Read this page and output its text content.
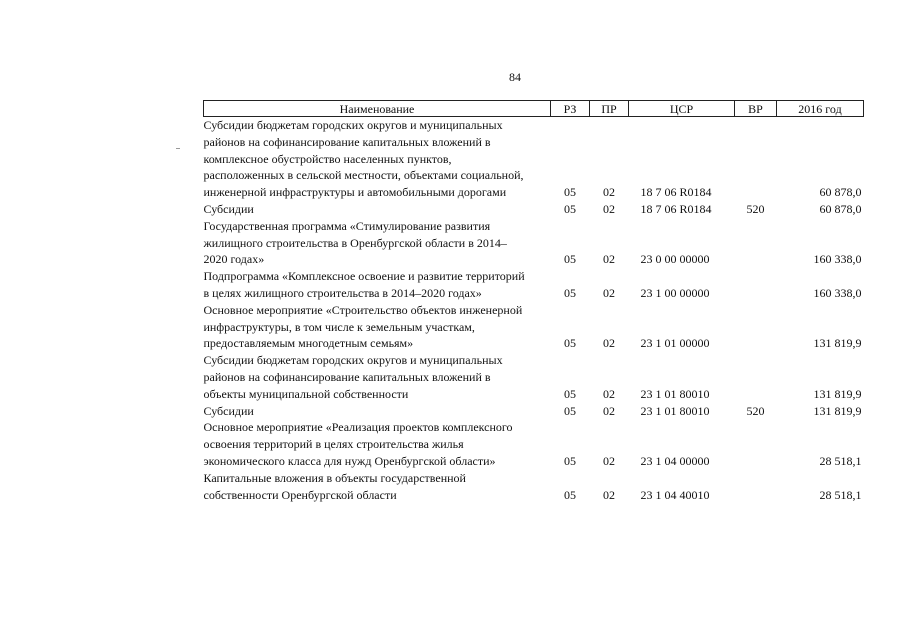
84
Наименование	РЗ	ПР	ЦСР	ВР	2016 год

Субсидии бюджетам городских округов и муниципальных
районов на софинансирование капитальных вложений в
комплексное обустройство населенных пунктов,
расположенных в сельской местности, объектами социальной,
инженерной инфраструктуры и автомобильными дорогами	05	02	18 7 06 R0184		60 878,0

Субсидии	05	02	18 7 06 R0184	520	60 878,0

Государственная программа «Стимулирование развития
жилищного строительства в Оренбургской области в 2014–
2020 годах»	05	02	23 0 00 00000		160 338,0

Подпрограмма «Комплексное освоение и развитие территорий
в целях жилищного строительства в 2014–2020 годах»	05	02	23 1 00 00000		160 338,0

Основное мероприятие «Строительство объектов инженерной
инфраструктуры, в том числе к земельным участкам,
предоставляемым многодетным семьям»	05	02	23 1 01 00000		131 819,9

Субсидии бюджетам городских округов и муниципальных
районов на софинансирование капитальных вложений в
объекты муниципальной собственности	05	02	23 1 01 80010		131 819,9

Субсидии	05	02	23 1 01 80010	520	131 819,9

Основное мероприятие «Реализация проектов комплексного
освоения территорий в целях строительства жилья
экономического класса для нужд Оренбургской области»	05	02	23 1 04 00000		28 518,1

Капитальные вложения в объекты государственной
собственности Оренбургской области	05	02	23 1 04 40010		28 518,1
